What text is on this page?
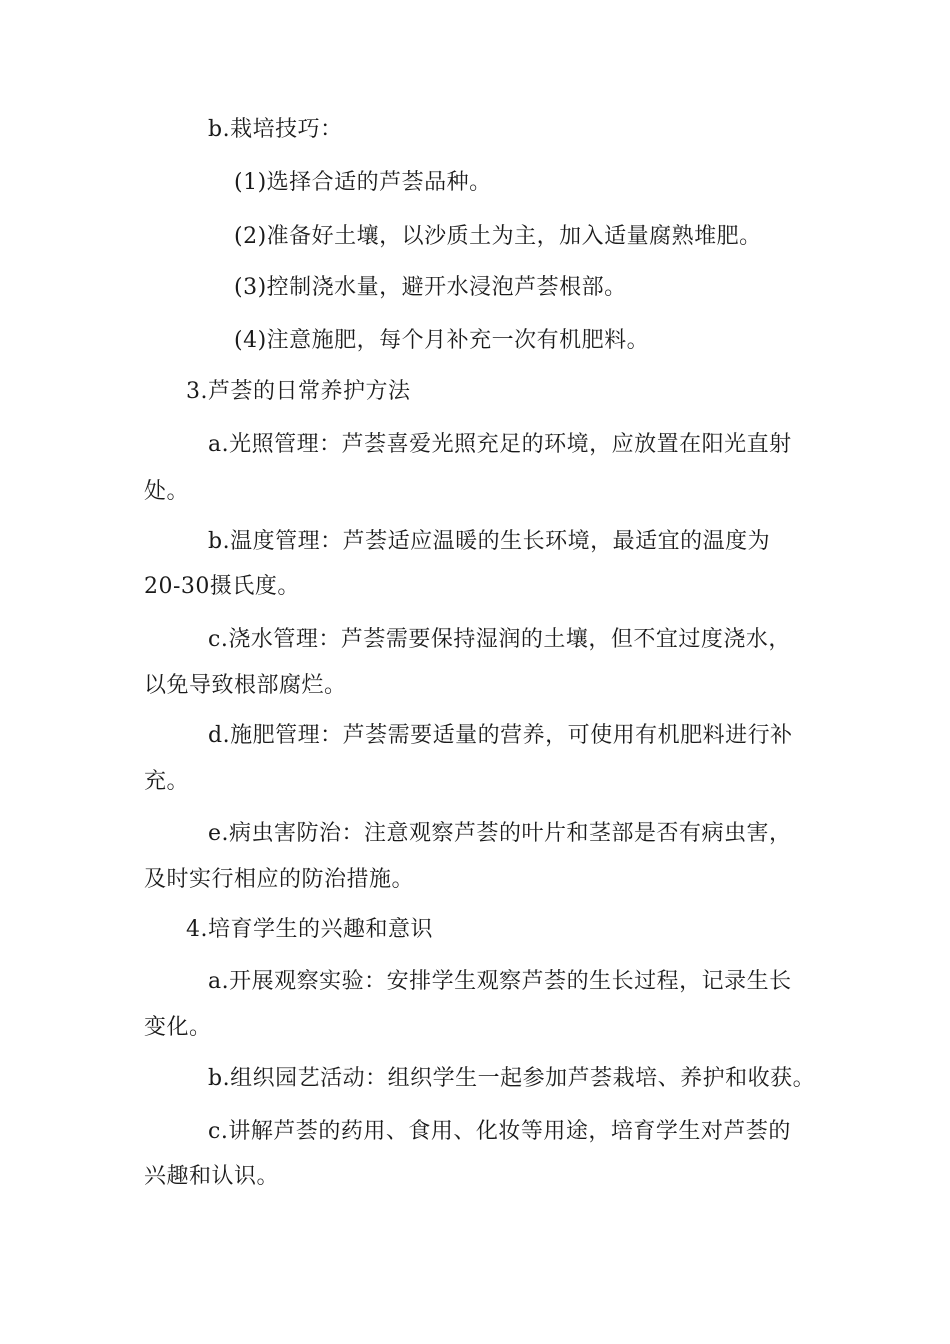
b.栽培技巧：
(1)选择合适的芦荟品种。
(2)准备好土壤，以沙质土为主，加入适量腐熟堆肥。
(3)控制浇水量，避开水浸泡芦荟根部。
(4)注意施肥，每个月补充一次有机肥料。
3.芦荟的日常养护方法
a.光照管理：芦荟喜爱光照充足的环境，应放置在阳光直射
处。
b.温度管理：芦荟适应温暖的生长环境，最适宜的温度为
20-30摄氏度。
c.浇水管理：芦荟需要保持湿润的土壤，但不宜过度浇水，
以免导致根部腐烂。
d.施肥管理：芦荟需要适量的营养，可使用有机肥料进行补
充。
e.病虫害防治：注意观察芦荟的叶片和茎部是否有病虫害，
及时实行相应的防治措施。
4.培育学生的兴趣和意识
a.开展观察实验：安排学生观察芦荟的生长过程，记录生长
变化。
b.组织园艺活动：组织学生一起参加芦荟栽培、养护和收获。
c.讲解芦荟的药用、食用、化妆等用途，培育学生对芦荟的
兴趣和认识。
